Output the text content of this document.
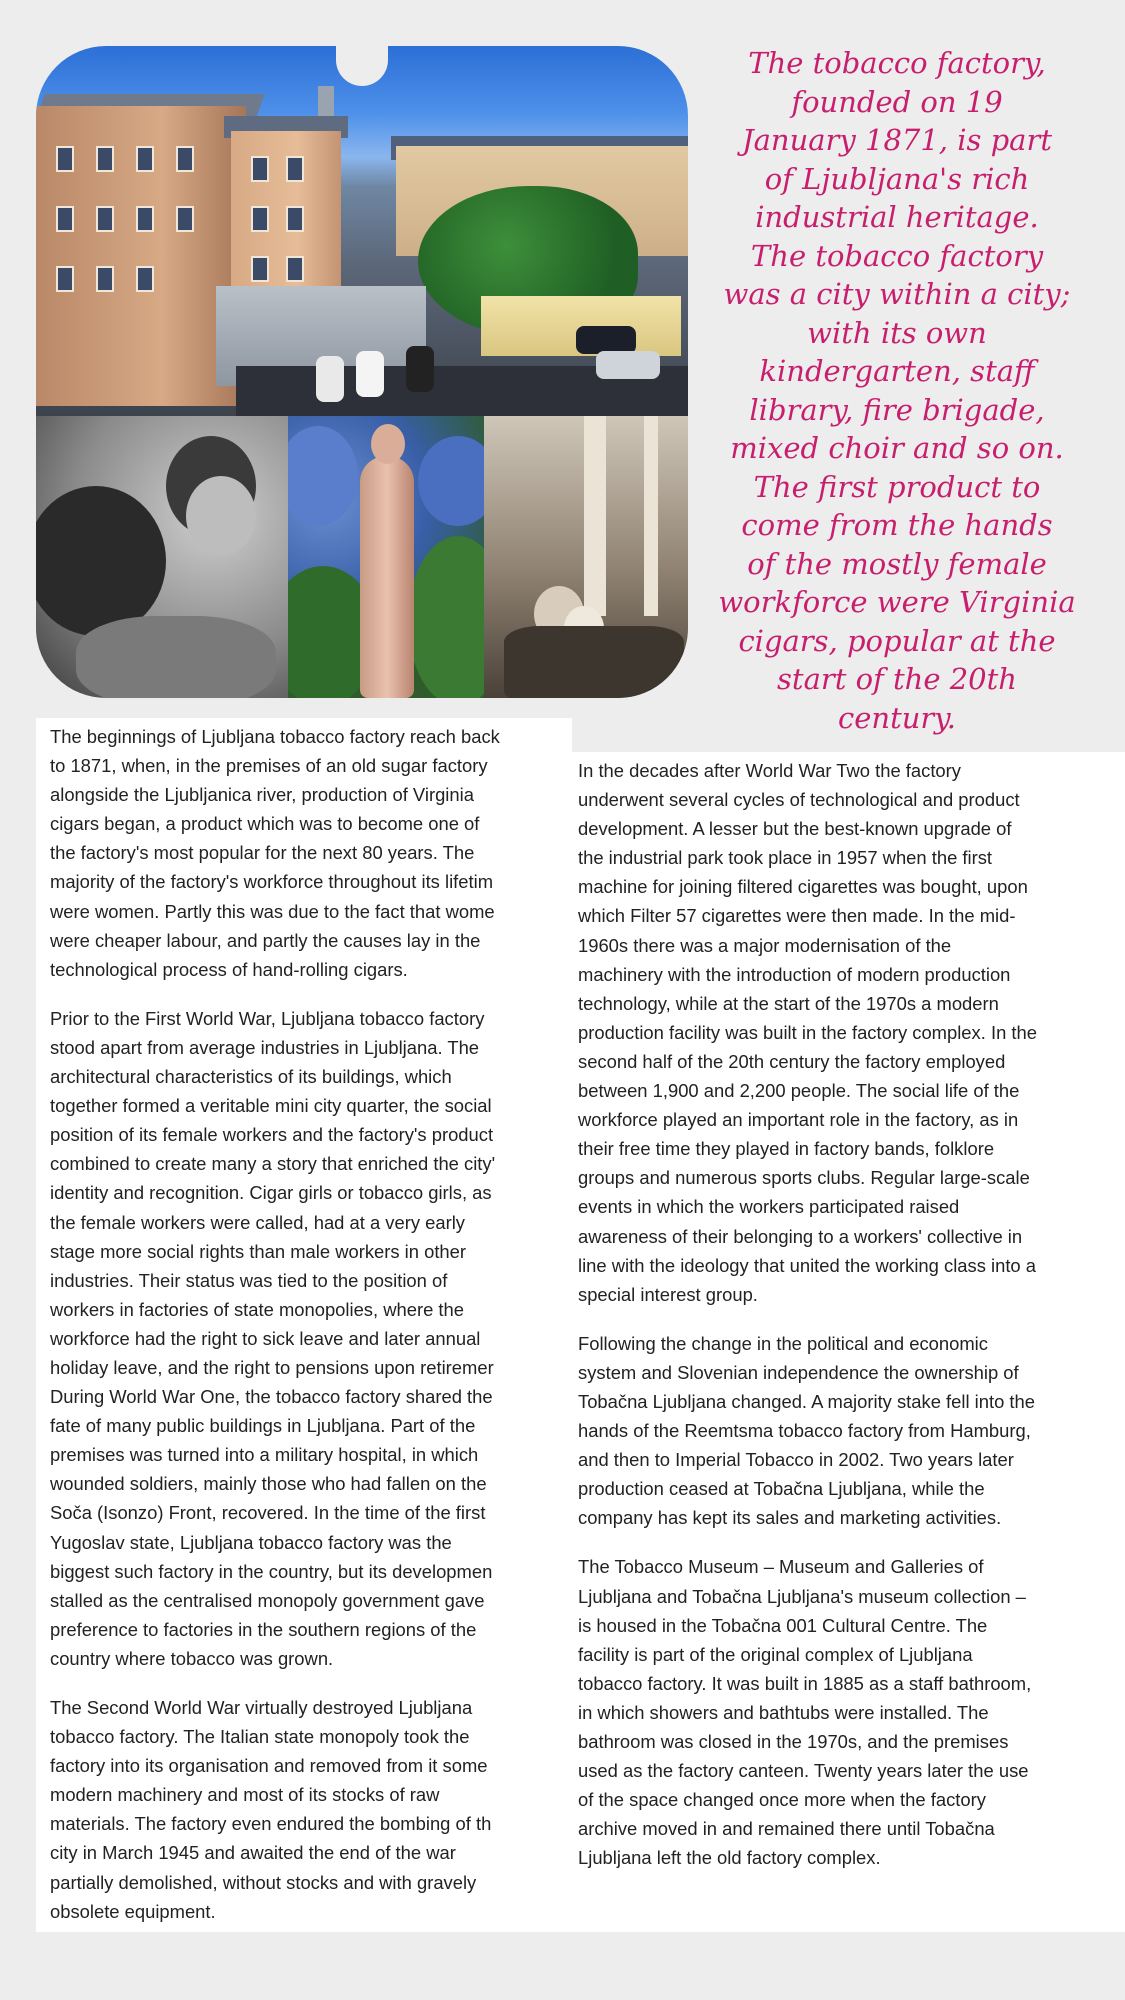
The tobacco factory,
founded on 19
January 1871, is part
of Ljubljana's rich
industrial heritage.
The tobacco factory
was a city within a city;
with its own
kindergarten, staff
library, fire brigade,
mixed choir and so on.
The first product to
come from the hands
of the mostly female
workforce were Virginia
cigars, popular at the
start of the 20th
century.

The beginnings of Ljubljana tobacco factory reach back
to 1871, when, in the premises of an old sugar factory
alongside the Ljubljanica river, production of Virginia
cigars began, a product which was to become one of
the factory's most popular for the next 80 years. The
majority of the factory's workforce throughout its lifetim
were women. Partly this was due to the fact that wome
were cheaper labour, and partly the causes lay in the
technological process of hand-rolling cigars.

Prior to the First World War, Ljubljana tobacco factory
stood apart from average industries in Ljubljana. The
architectural characteristics of its buildings, which
together formed a veritable mini city quarter, the social
position of its female workers and the factory's product
combined to create many a story that enriched the city'
identity and recognition. Cigar girls or tobacco girls, as
the female workers were called, had at a very early
stage more social rights than male workers in other
industries. Their status was tied to the position of
workers in factories of state monopolies, where the
workforce had the right to sick leave and later annual
holiday leave, and the right to pensions upon retiremer
During World War One, the tobacco factory shared the
fate of many public buildings in Ljubljana. Part of the
premises was turned into a military hospital, in which
wounded soldiers, mainly those who had fallen on the
Soča (Isonzo) Front, recovered. In the time of the first
Yugoslav state, Ljubljana tobacco factory was the
biggest such factory in the country, but its developmen
stalled as the centralised monopoly government gave
preference to factories in the southern regions of the
country where tobacco was grown.

The Second World War virtually destroyed Ljubljana
tobacco factory. The Italian state monopoly took the
factory into its organisation and removed from it some
modern machinery and most of its stocks of raw
materials. The factory even endured the bombing of th
city in March 1945 and awaited the end of the war
partially demolished, without stocks and with gravely
obsolete equipment.

In the decades after World War Two the factory
underwent several cycles of technological and product
development. A lesser but the best-known upgrade of
the industrial park took place in 1957 when the first
machine for joining filtered cigarettes was bought, upon
which Filter 57 cigarettes were then made. In the mid-
1960s there was a major modernisation of the
machinery with the introduction of modern production
technology, while at the start of the 1970s a modern
production facility was built in the factory complex. In the
second half of the 20th century the factory employed
between 1,900 and 2,200 people. The social life of the
workforce played an important role in the factory, as in
their free time they played in factory bands, folklore
groups and numerous sports clubs. Regular large-scale
events in which the workers participated raised
awareness of their belonging to a workers' collective in
line with the ideology that united the working class into a
special interest group.

Following the change in the political and economic
system and Slovenian independence the ownership of
Tobačna Ljubljana changed. A majority stake fell into the
hands of the Reemtsma tobacco factory from Hamburg,
and then to Imperial Tobacco in 2002. Two years later
production ceased at Tobačna Ljubljana, while the
company has kept its sales and marketing activities.

The Tobacco Museum – Museum and Galleries of
Ljubljana and Tobačna Ljubljana's museum collection –
is housed in the Tobačna 001 Cultural Centre. The
facility is part of the original complex of Ljubljana
tobacco factory. It was built in 1885 as a staff bathroom,
in which showers and bathtubs were installed. The
bathroom was closed in the 1970s, and the premises
used as the factory canteen. Twenty years later the use
of the space changed once more when the factory
archive moved in and remained there until Tobačna
Ljubljana left the old factory complex.
